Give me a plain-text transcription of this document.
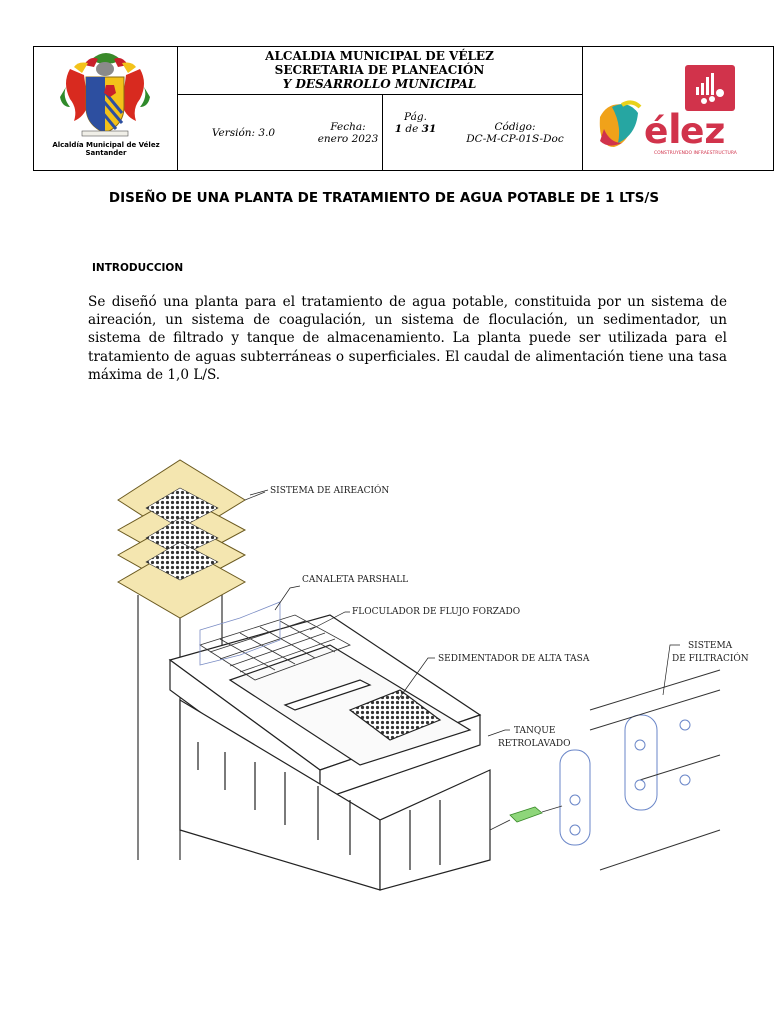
Alcaldía Municipal de Vélez Santander
ALCALDIA MUNICIPAL DE VÉLEZ
SECRETARIA DE PLANEACIÓN
Y DESARROLLO MUNICIPAL
Versión: 3.0	Fecha:
enero 2023
Pág.
1 de 31	Código:
DC-M-CP-01S-Doc é l
ez
CONSTRUYENDO INFRAESTRUCTURA
DISEÑO DE UNA PLANTA DE TRATAMIENTO DE AGUA POTABLE DE 1 LTS/S
INTRODUCCION
Se diseñó una planta para el tratamiento de agua potable, constituida por un sistema de aireación, un sistema de coagulación, un sistema de floculación, un sedimentador, un sistema de filtrado y tanque de almacenamiento. La planta puede ser utilizada para el tratamiento de aguas subterráneas o superficiales. El caudal de alimentación tiene una tasa máxima de 1,0 L/S.
SISTEMA DE AIREACIÓN
CANALETA PARSHALL
FLOCULADOR DE FLUJO FORZADO
SEDIMENTADOR DE ALTA TASA
TANQUE
RETROLAVADO
SISTEMA
DE FILTRACIÓN
